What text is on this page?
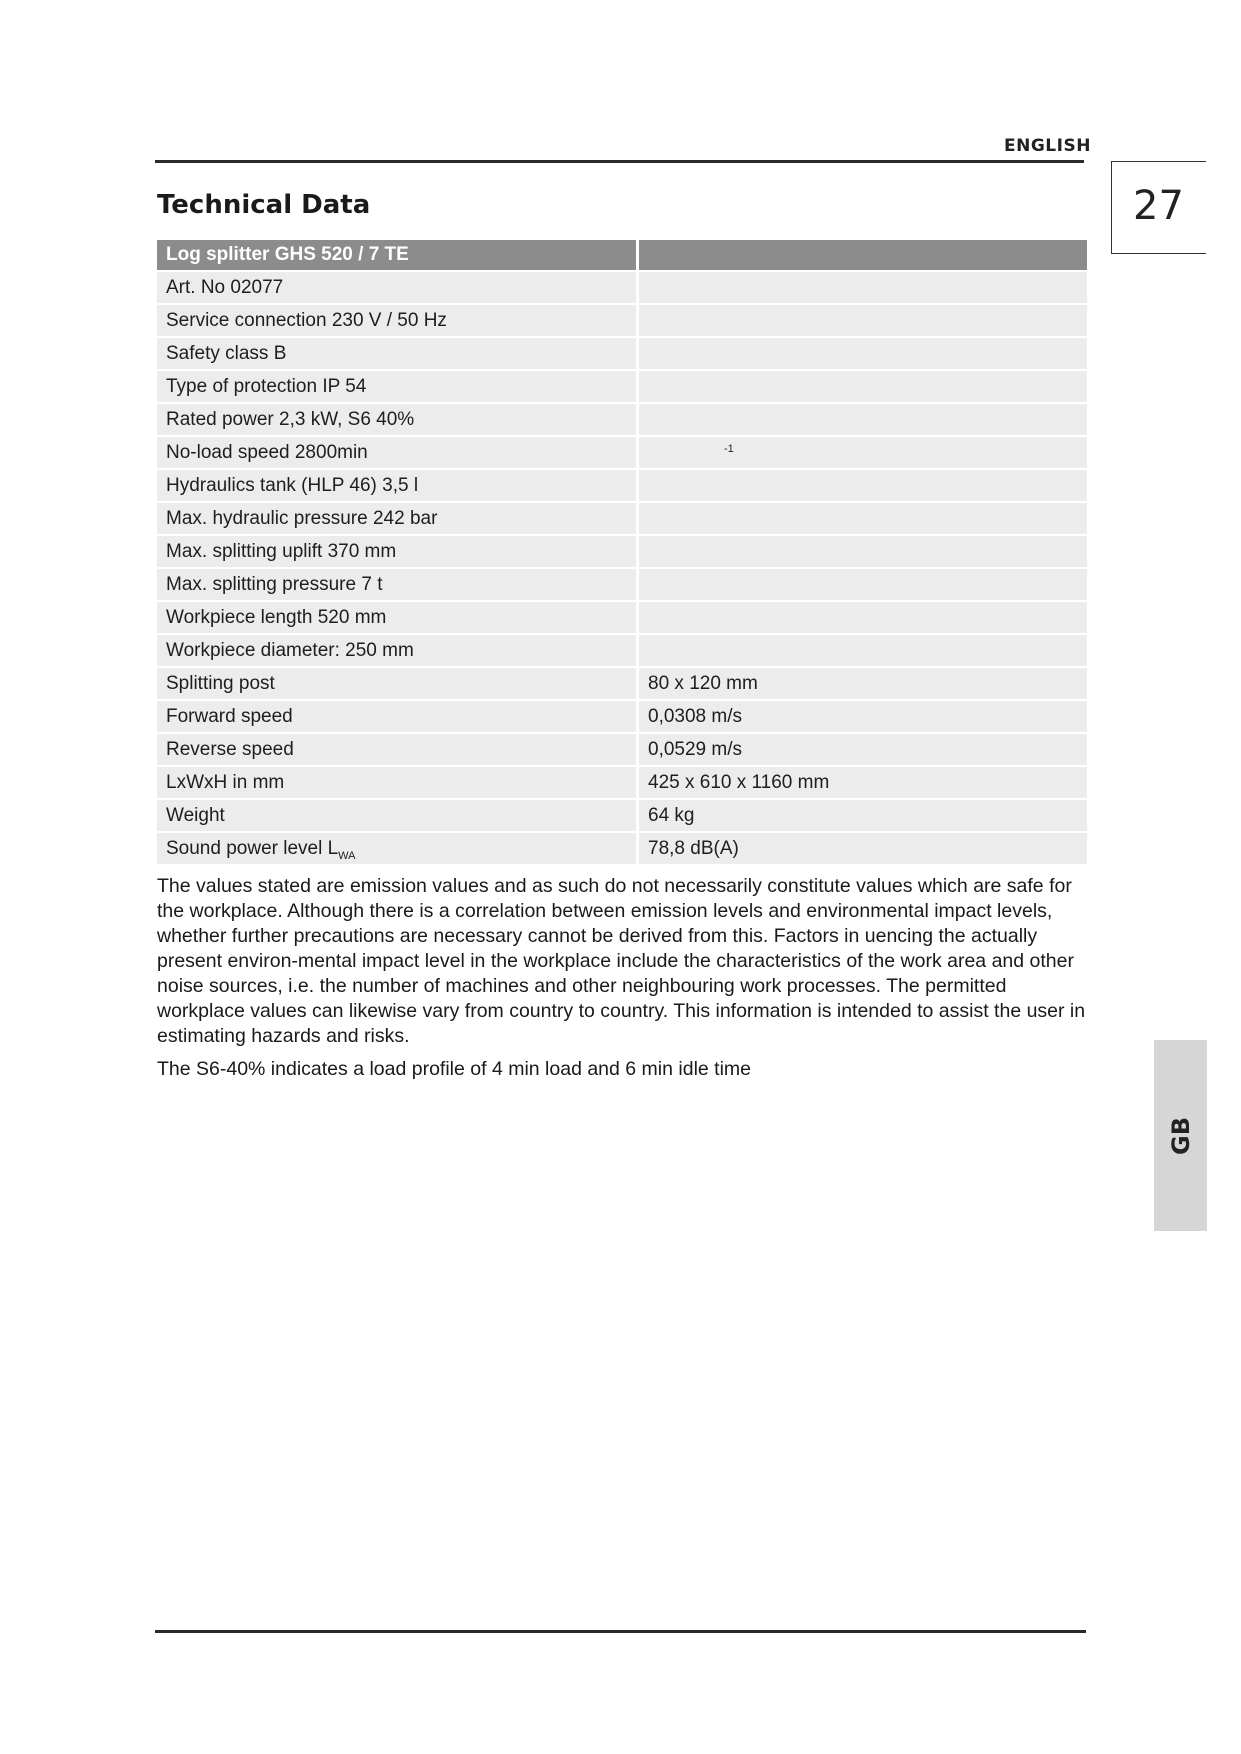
ENGLISH
27
Technical Data
Log splitter GHS 520 / 7 TE	
Art. No 02077	
Service connection 230 V / 50 Hz	
Safety class B	
Type of protection IP 54	
Rated power 2,3 kW, S6 40%	
No-load speed 2800min	$^{-1}$
Hydraulics tank (HLP 46) 3,5 l	
Max. hydraulic pressure 242 bar	
Max. splitting uplift 370 mm	
Max. splitting pressure 7 t	
Workpiece length 520 mm	
Workpiece diameter: 250 mm	
Splitting post	80 x 120 mm
Forward speed	0,0308 m/s
Reverse speed	0,0529 m/s
LxWxH in mm	425 x 610 x 1160 mm
Weight	64 kg
Sound power level $L_{WA}$	78,8 dB(A)

The values stated are emission values and as such do not necessarily constitute values which are safe for the workplace. Although there is a correlation between emission levels and environmental impact levels, whether further precautions are necessary cannot be derived from this. Factors in uencing the actually present environ-mental impact level in the workplace include the characteristics of the work area and other noise sources, i.e. the number of machines and other neighbouring work processes. The permitted workplace values can likewise vary from country to country. This information is intended to assist the user in estimating hazards and risks.

The S6-40% indicates a load profile of 4 min load and 6 min idle time

GB
